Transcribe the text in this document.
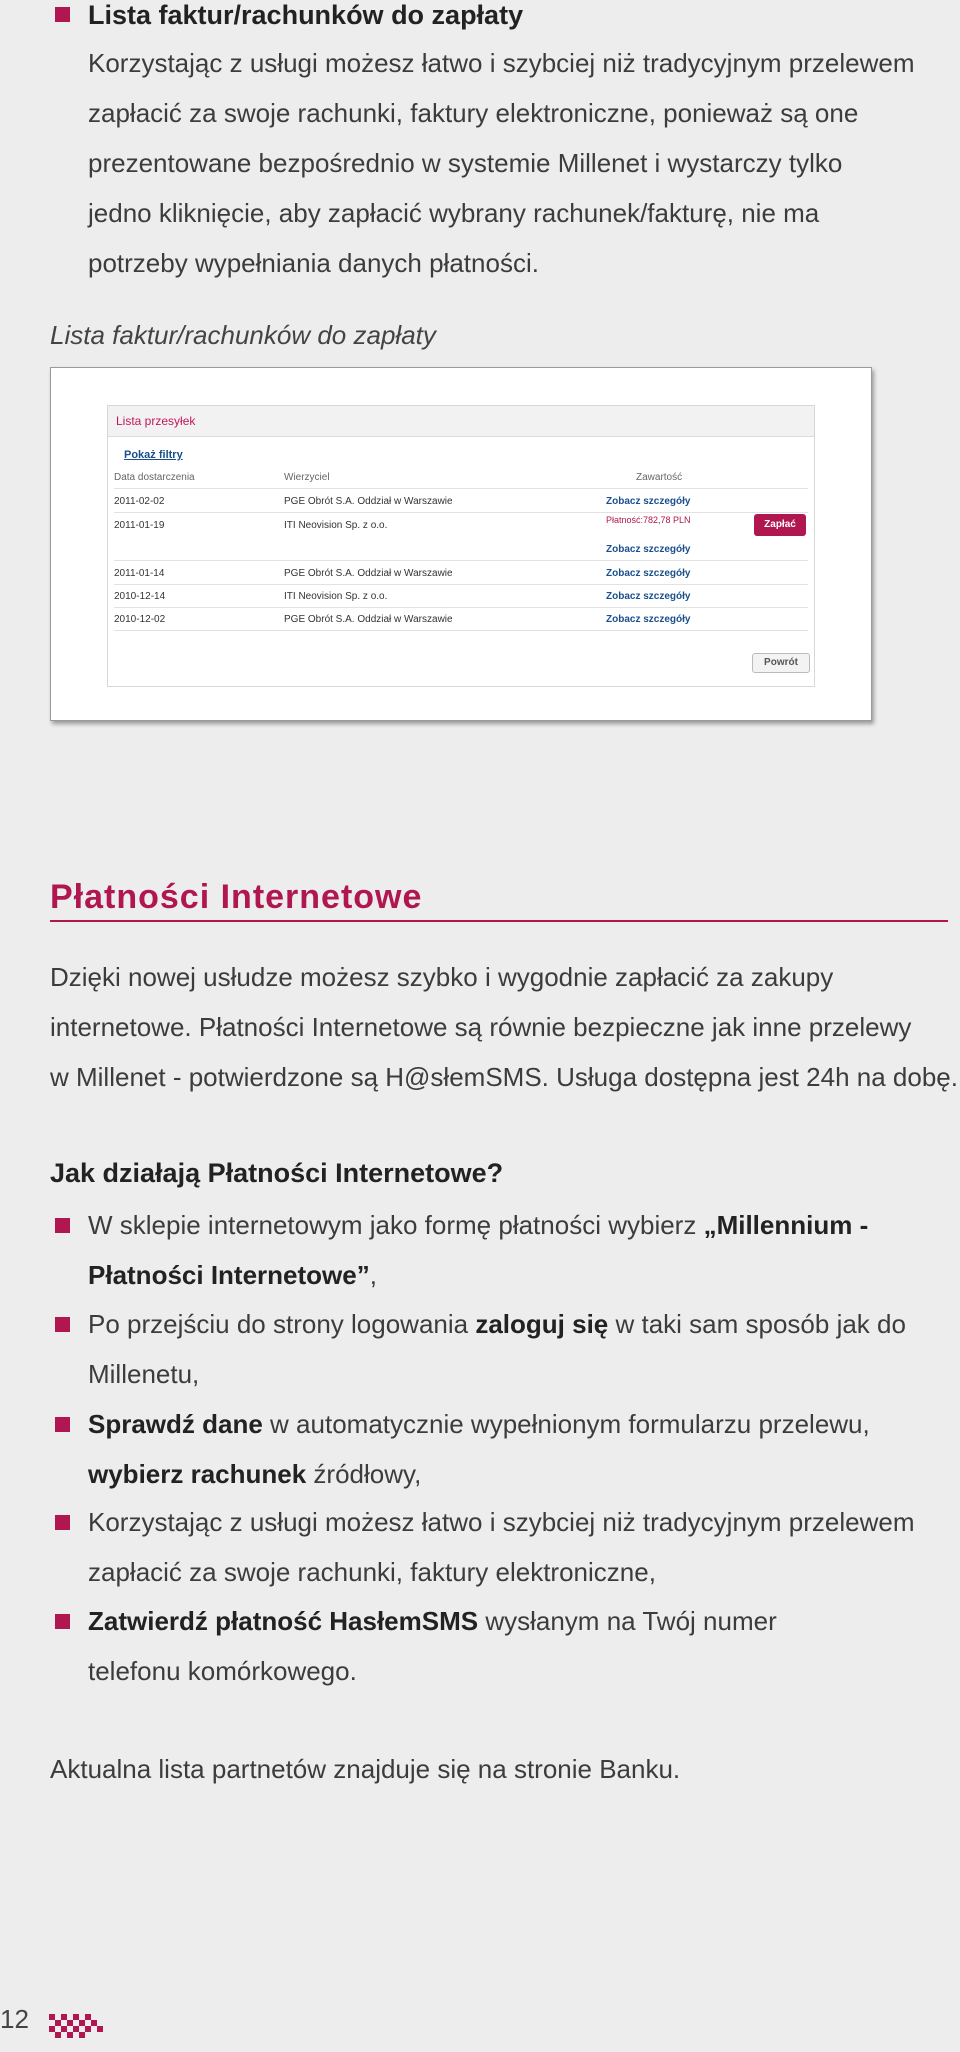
Lista faktur/rachunków do zapłaty
Korzystając z usługi możesz łatwo i szybciej niż tradycyjnym przelewem
zapłacić za swoje rachunki, faktury elektroniczne, ponieważ są one
prezentowane bezpośrednio w systemie Millenet i wystarczy tylko
jedno kliknięcie, aby zapłacić wybrany rachunek/fakturę, nie ma
potrzeby wypełniania danych płatności.
Lista faktur/rachunków do zapłaty
Lista przesyłek
Pokaż filtry
Data dostarczenia	Wierzyciel	Zawartość
2011-02-02	PGE Obrót S.A. Oddział w Warszawie	Zobacz szczegóły
2011-01-19	ITI Neovision Sp. z o.o.	Płatność:782,78 PLN
Zobacz szczegóły
Zapłać
2011-01-14	PGE Obrót S.A. Oddział w Warszawie	Zobacz szczegóły
2010-12-14	ITI Neovision Sp. z o.o.	Zobacz szczegóły
2010-12-02	PGE Obrót S.A. Oddział w Warszawie	Zobacz szczegóły
Powrót
Płatności Internetowe
Dzięki nowej usłudze możesz szybko i wygodnie zapłacić za zakupy
internetowe. Płatności Internetowe są równie bezpieczne jak inne przelewy
w Millenet - potwierdzone są H@słemSMS. Usługa dostępna jest 24h na dobę.
Jak działają Płatności Internetowe?
W sklepie internetowym jako formę płatności wybierz „Millennium -
Płatności Internetowe”,
Po przejściu do strony logowania zaloguj się w taki sam sposób jak do
Millenetu,
Sprawdź dane w automatycznie wypełnionym formularzu przelewu,
wybierz rachunek źródłowy,
Korzystając z usługi możesz łatwo i szybciej niż tradycyjnym przelewem
zapłacić za swoje rachunki, faktury elektroniczne,
Zatwierdź płatność HasłemSMS wysłanym na Twój numer
telefonu komórkowego.
Aktualna lista partnetów znajduje się na stronie Banku.
12
